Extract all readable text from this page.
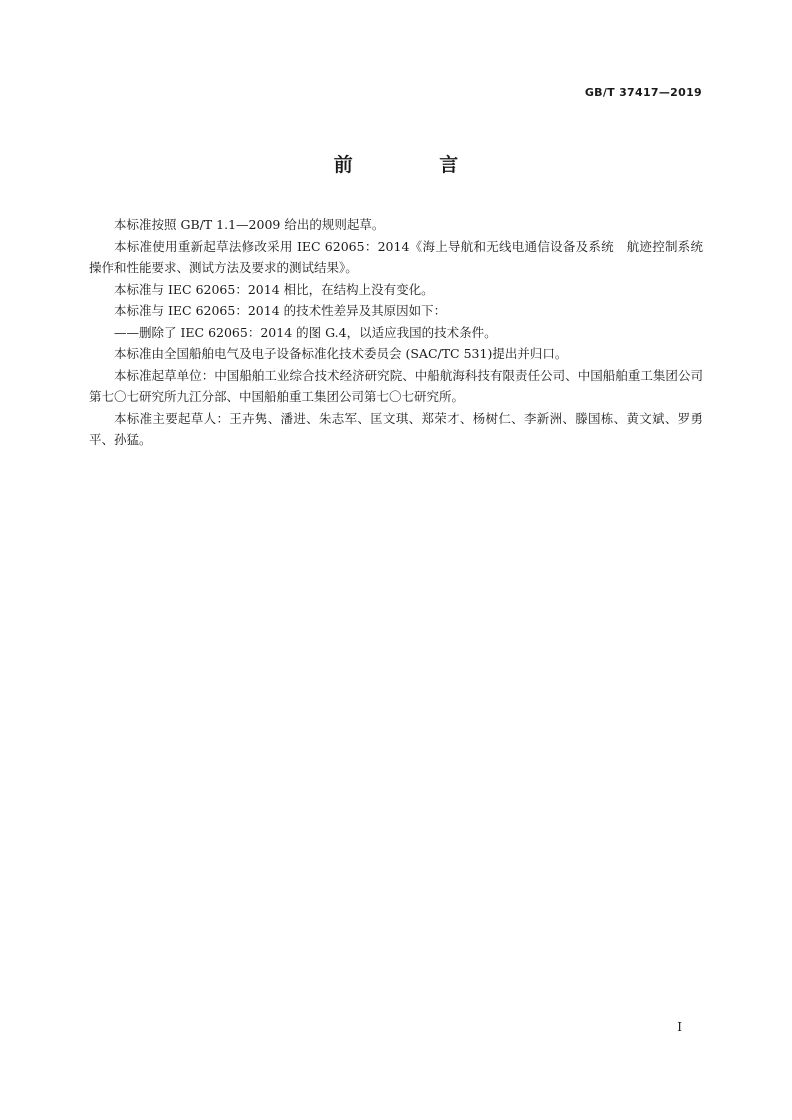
GB/T 37417—2019
前 言

本标准按照 GB/T 1.1—2009 给出的规则起草。

本标准使用重新起草法修改采用 IEC 62065：2014《海上导航和无线电通信设备及系统　航迹控制系统　操作和性能要求、测试方法及要求的测试结果》。

本标准与 IEC 62065：2014 相比，在结构上没有变化。

本标准与 IEC 62065：2014 的技术性差异及其原因如下：

——删除了 IEC 62065：2014 的图 G.4，以适应我国的技术条件。

本标准由全国船舶电气及电子设备标准化技术委员会 (SAC/TC 531)提出并归口。

本标准起草单位：中国船舶工业综合技术经济研究院、中船航海科技有限责任公司、中国船舶重工集团公司第七〇七研究所九江分部、中国船舶重工集团公司第七〇七研究所。

本标准主要起草人：王卉隽、潘进、朱志军、匡文琪、郑荣才、杨树仁、李新洲、滕国栋、黄文斌、罗勇平、孙猛。

I
